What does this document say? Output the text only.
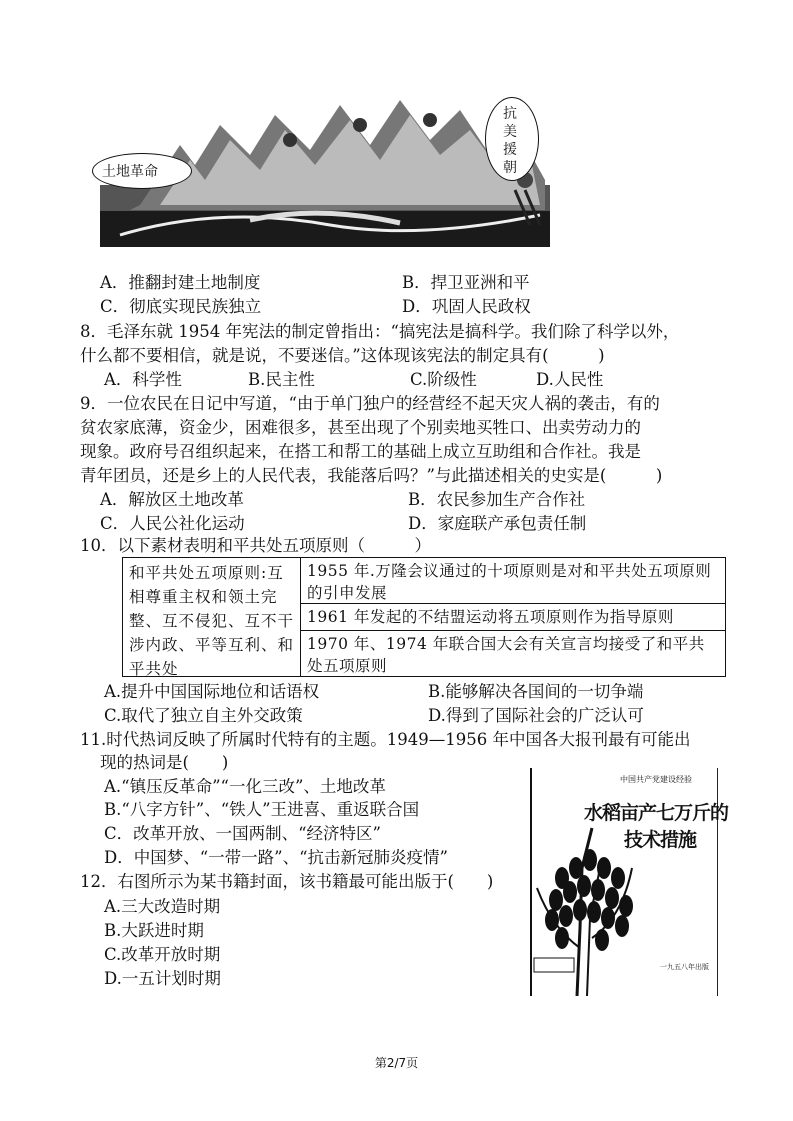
土地革命
抗
美
援
朝
A．推翻封建土地制度	B．捍卫亚洲和平
C．彻底实现民族独立	D．巩固人民政权
8．毛泽东就 1954 年宪法的制定曾指出：“搞宪法是搞科学。我们除了科学以外，
什么都不要相信，就是说，不要迷信。”这体现该宪法的制定具有(　　　)
A．科学性	B.民主性	C.阶级性	D.人民性
9．一位农民在日记中写道，“由于单门独户的经营经不起天灾人祸的袭击，有的
贫农家底薄，资金少，困难很多，甚至出现了个别卖地买牲口、出卖劳动力的
现象。政府号召组织起来，在搭工和帮工的基础上成立互助组和合作社。我是
青年团员，还是乡上的人民代表，我能落后吗？”与此描述相关的史实是(　　　)
A．解放区土地改革	B．农民参加生产合作社
C．人民公社化运动	D．家庭联产承包责任制
10．以下素材表明和平共处五项原则（　　　）
和平共处五项原则:互相尊重主权和领土完整、互不侵犯、互不干涉内政、平等互利、和平共处
1955 年.万隆会议通过的十项原则是对和平共处五项原则的引申发展
1961 年发起的不结盟运动将五项原则作为指导原则
1970 年、1974 年联合国大会有关宣言均接受了和平共处五项原则
A.提升中国国际地位和话语权	B.能够解决各国间的一切争端
C.取代了独立自主外交政策	D.得到了国际社会的广泛认可
11.时代热词反映了所属时代特有的主题。1949—1956 年中国各大报刊最有可能出
现的热词是(　　)
A.“镇压反革命”“一化三改”、土地改革
B.“八字方针”、“铁人”王进喜、重返联合国
C．改革开放、一国两制、“经济特区”
D．中国梦、“一带一路”、“抗击新冠肺炎疫情”
12．右图所示为某书籍封面，该书籍最可能出版于(　　)
A.三大改造时期
B.大跃进时期
C.改革开放时期
D.一五计划时期
中国共产党建设经验
水稻亩产七万斤的
技术措施
一九五八年出版
第2/7页
